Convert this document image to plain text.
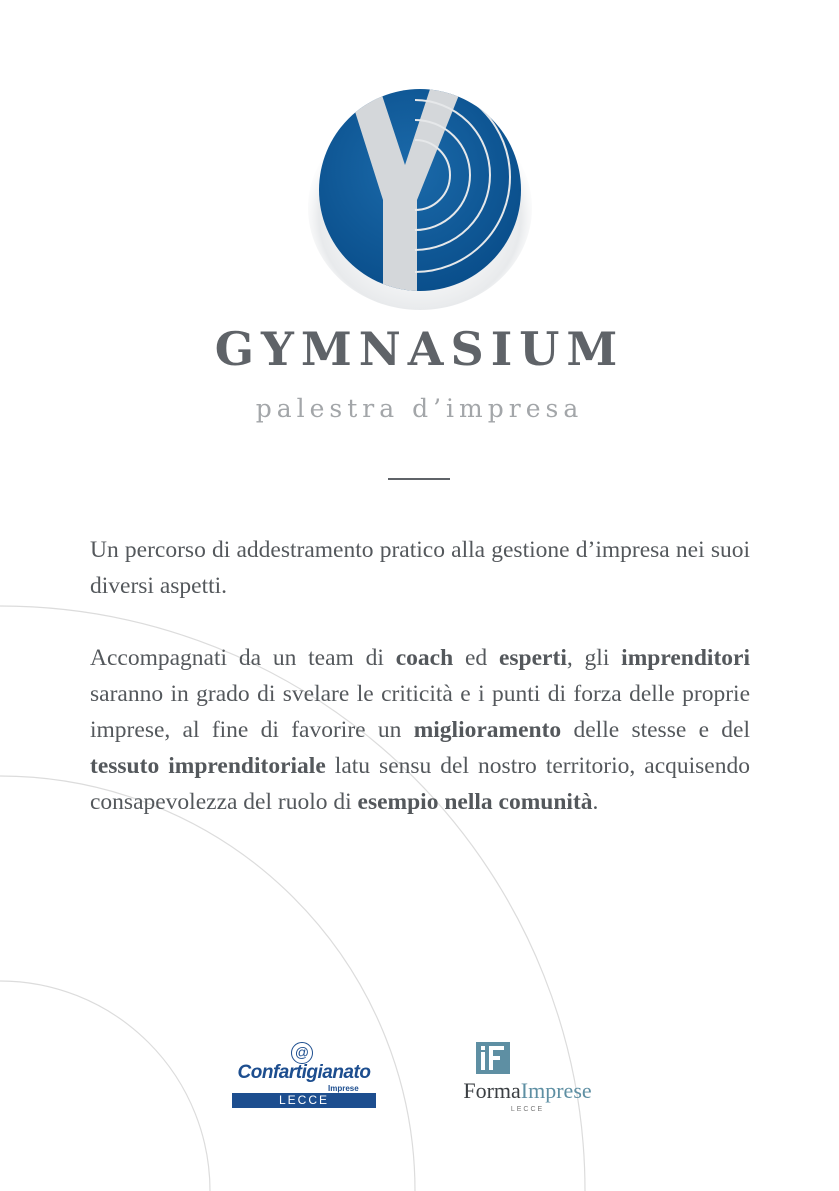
GYMNASIUM
palestra d’impresa

Un percorso di addestramento pratico alla gestione d’impresa nei suoi diversi aspetti.

Accompagnati da un team di coach ed esperti, gli imprenditori saranno in grado di svelare le criticità e i punti di forza delle proprie imprese, al fine di favorire un miglioramento delle stesse e del tessuto imprenditoriale latu sensu del nostro territorio, acquisendo consapevolezza del ruolo di esempio nella comunità.

@
Confartigianato
Imprese
LECCE	FormaImprese
LECCE
